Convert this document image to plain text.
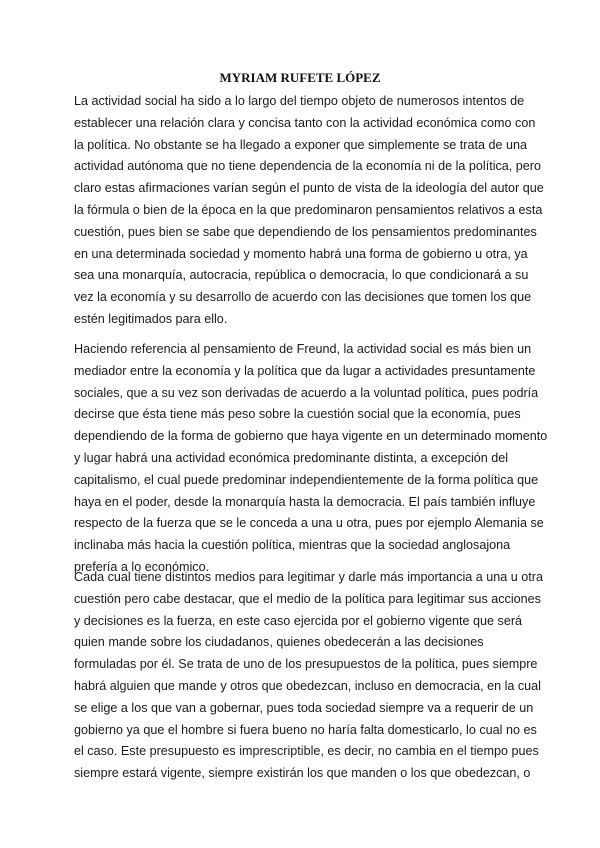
MYRIAM RUFETE LÓPEZ
La actividad social ha sido a lo largo del tiempo objeto de numerosos intentos de
establecer una relación clara y concisa tanto con la actividad económica como con
la política. No obstante se ha llegado a exponer que simplemente se trata de una
actividad autónoma que no tiene dependencia de la economía ni de la política, pero
claro estas afirmaciones varían según el punto de vista de la ideología del autor que
la fórmula o bien de la época en la que predominaron pensamientos relativos a esta
cuestión, pues bien se sabe que dependiendo de los pensamientos predominantes
en una determinada sociedad y momento habrá una forma de gobierno u otra, ya
sea una monarquía, autocracia, república o democracia, lo que condicionará a su
vez la economía y su desarrollo de acuerdo con las decisiones que tomen los que
estén legitimados para ello.
Haciendo referencia al pensamiento de Freund, la actividad social es más bien un
mediador entre la economía y la política que da lugar a actividades presuntamente
sociales, que a su vez son derivadas de acuerdo a la voluntad política, pues podría
decirse que ésta tiene más peso sobre la cuestión social que la economía, pues
dependiendo de la forma de gobierno que haya vigente en un determinado momento
y lugar habrá una actividad económica predominante distinta, a excepción del
capitalismo, el cual puede predominar independientemente de la forma política que
haya en el poder, desde la monarquía hasta la democracia. El país también influye
respecto de la fuerza que se le conceda a una u otra, pues por ejemplo Alemania se
inclinaba más hacia la cuestión política, mientras que la sociedad anglosajona
prefería a lo económico.
Cada cual tiene distintos medios para legitimar y darle más importancia a una u otra
cuestión pero cabe destacar, que el medio de la política para legitimar sus acciones
y decisiones es la fuerza, en este caso ejercida por el gobierno vigente que será
quien mande sobre los ciudadanos, quienes obedecerán a las decisiones
formuladas por él. Se trata de uno de los presupuestos de la política, pues siempre
habrá alguien que mande y otros que obedezcan, incluso en democracia, en la cual
se elige a los que van a gobernar, pues toda sociedad siempre va a requerir de un
gobierno ya que el hombre si fuera bueno no haría falta domesticarlo, lo cual no es
el caso. Este presupuesto es imprescriptible, es decir, no cambia en el tiempo pues
siempre estará vigente, siempre existirán los que manden o los que obedezcan, o
